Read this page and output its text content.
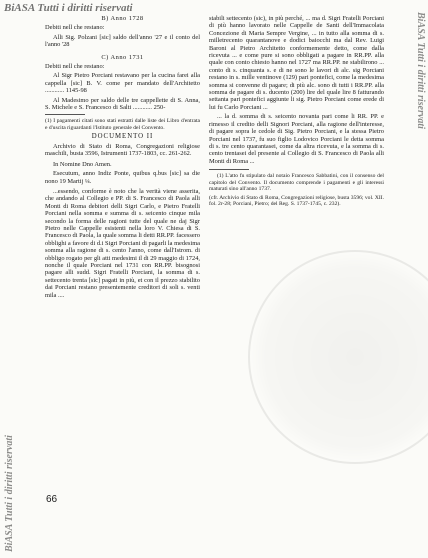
BiASA Tutti i diritti riservati
BiASA Tutti i diritti riservati
BiASA Tutti i diritti riservati

B) Anno 1728

Debiti nell che restano:

Alli Sig. Polzani [sic] saldo dell'anno '27 e il conto del l'anno '28

C) Anno 1731

Debiti nell che restano:

Al Sigr Pietro Porciani restavano per la cucina farei alla cappella [sic] B. V. come per mandato dell'Architetto ............ 1145-98

Al Madesimo per saldo delle tre cappellette di S. Anna, S. Michele e S. Francesco di Salti ............ 250-

(1) I pagamenti citati sono stati estratti dalle liste dei Libro d'entrata e d'uscita riguardanti l'Istituto generale del Convento.

DOCUMENTO II

Archivio di Stato di Roma, Congregazioni religiose maschili, busta 3596, Istrumenti 1737-1803, cc. 261-262.

In Nomine Dno Amen.

Esecutum, anno Indiz Ponte, quibus q.bus [sic] sa die nono 19 Martij ¼.

...essendo, conforme è noto che la verità viene asserita, che andando al Collegio e PP. di S. Francesco di Paola alli Monti di Roma debitori delli Sigri Carlo, e Pietro Fratelli Porciani nella somma e summa di s. seicento cinque mila secondo la forma delle ragioni tutte del quale ne daj Sigr Pietro nelle Cappelle esistenti nella loro V. Chiesa di S. Francesco di Paola, la quale somma li detti RR.PP. facessero obblighi a favore di d.i Sigri Porciani di pagarli la medesima somma alla ragione di s. cento l'anno, come dall'Istrom. di obbligo rogato per gli atti medesimi il di 29 maggio di 1724, nonche il quale Porciani nel 1731 con RR.PP. bisognosi pagare alli sudd. Sigri Fratelli Porciani, la somma di s. settecento trenta [sic] pagati in più, et con il prezzo stabilito dai Porciani restano presentemente creditori di soli s. venti mila ....

stabili settecento (sic), in più perché, ... ma d. Sigri Fratelli Porciani di più hanno lavorato nelle Cappelle de Santi dell'Immacolata Concezione di Maria Sempre Vergine, ... in tutto alla somma di s. milletrecento quarantanove e dodici baiocchi ma dal Rev. Luigi Baroni al Pietro Architetto conformemente detto, come dalla ricevuta ... e come pure si sono obbligati a pagare in RR.PP. alla quale con conto chiesto hanno nel 1727 ma RR.PP. ne stabilirono ... conto di s. cinquanta s. e di ne sono le lavori di alc. sig Porciani restano in s. mille ventinove (129) pari pontefici, come la medesima somma si convenne di pagare; di più alc. sono di tutti i RR.PP. alla somma de pagare di s. ducento (200) lire del quale lire 8 fatturando settanta pari pontefici aggiunte li sig. Pietro Porciani come erede di lui fu Carlo Porciani ...

... la d. somma di s. seicento novanta pari come li RR. PP. e rimesso il credito delli Signori Porciani, alla ragione dell'interesse, di pagare sopra le cedole di Sig. Pietro Porciani, e la stessa Pietro Porciani nel 1737, fu suo figlio Lodovico Porciani le detta somma di s. tre cento quarantasei, come da altra ricevuta, e la somma di s. cento trentasei del presente al Collegio di S. Francesco di Paola alli Monti di Roma ...

(1) L'atto fu stipulato dal notaio Francesco Sabbatini, con il consenso del capitolo del Convento. Il documento comprende i pagamenti e gli interessi maturati sino all'anno 1737.

(cfr. Archivio di Stato di Roma, Congregazioni religiose, busta 3596; vol. XII. fol. 2r-28; Porciani, Pietro; del Reg. S. 1737-1745, c. 232).

66
